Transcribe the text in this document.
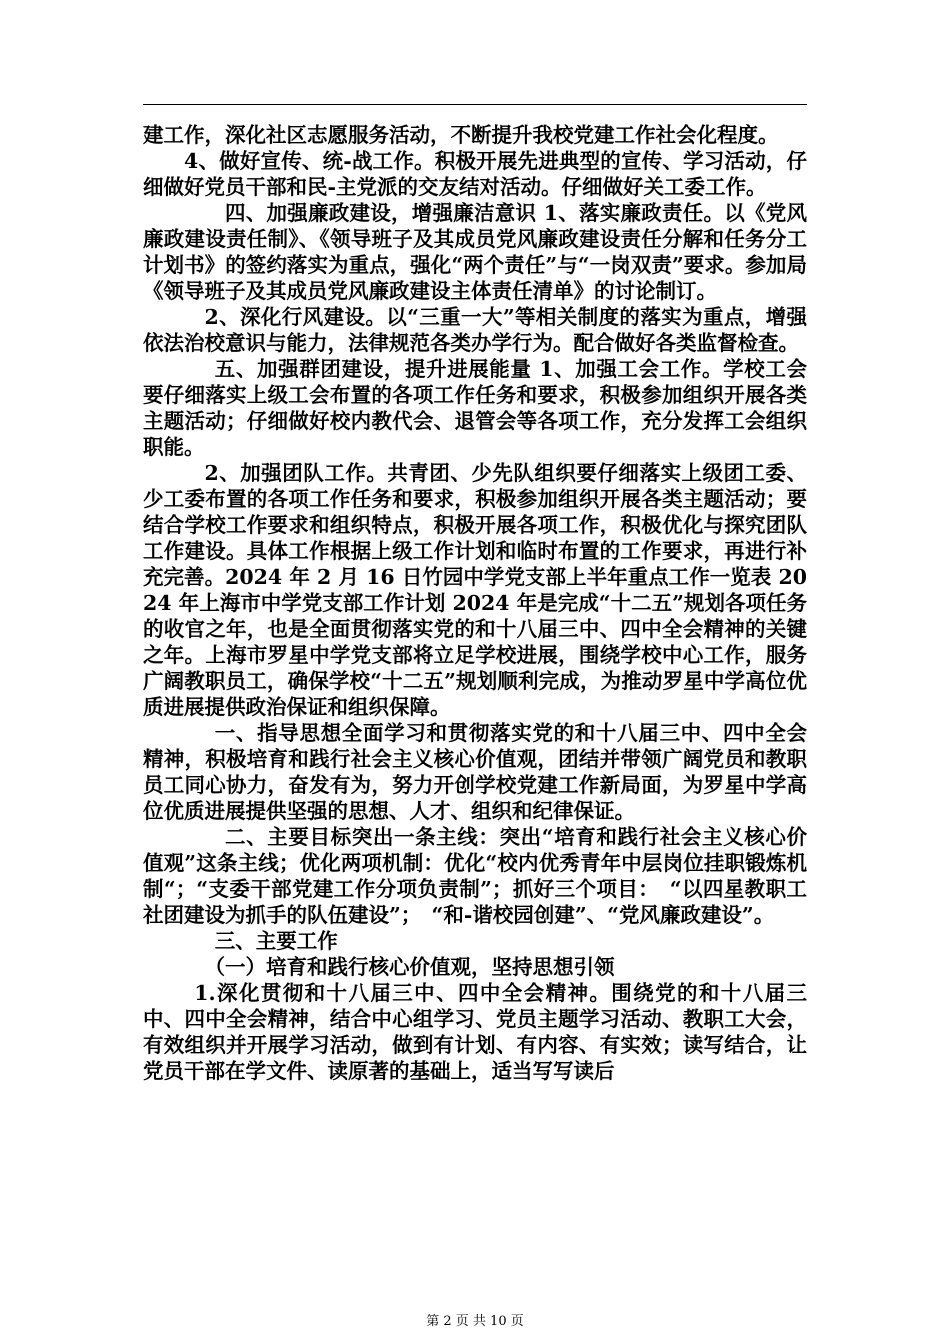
建工作，深化社区志愿服务活动，不断提升我校党建工作社会化程度。

4、做好宣传、统-战工作。积极开展先进典型的宣传、学习活动，仔细做好党员干部和民-主党派的交友结对活动。仔细做好关工委工作。

四、加强廉政建设，增强廉洁意识 1、落实廉政责任。以《党风廉政建设责任制》、《领导班子及其成员党风廉政建设责任分解和任务分工计划书》的签约落实为重点，强化“两个责任”与“一岗双责”要求。参加局《领导班子及其成员党风廉政建设主体责任清单》的讨论制订。

2、深化行风建设。以“三重一大”等相关制度的落实为重点，增强依法治校意识与能力，法律规范各类办学行为。配合做好各类监督检查。

五、加强群团建设，提升进展能量 1、加强工会工作。学校工会要仔细落实上级工会布置的各项工作任务和要求，积极参加组织开展各类主题活动；仔细做好校内教代会、退管会等各项工作，充分发挥工会组织职能。

2、加强团队工作。共青团、少先队组织要仔细落实上级团工委、少工委布置的各项工作任务和要求，积极参加组织开展各类主题活动；要结合学校工作要求和组织特点，积极开展各项工作，积极优化与探究团队工作建设。具体工作根据上级工作计划和临时布置的工作要求，再进行补充完善。2024 年 2 月 16 日竹园中学党支部上半年重点工作一览表 2024 年上海市中学党支部工作计划 2024 年是完成“十二五”规划各项任务的收官之年，也是全面贯彻落实党的和十八届三中、四中全会精神的关键之年。上海市罗星中学党支部将立足学校进展，围绕学校中心工作，服务广阔教职员工，确保学校“十二五”规划顺利完成，为推动罗星中学高位优质进展提供政治保证和组织保障。

一、指导思想全面学习和贯彻落实党的和十八届三中、四中全会精神，积极培育和践行社会主义核心价值观，团结并带领广阔党员和教职员工同心协力，奋发有为，努力开创学校党建工作新局面，为罗星中学高位优质进展提供坚强的思想、人才、组织和纪律保证。

二、主要目标突出一条主线：突出“培育和践行社会主义核心价值观”这条主线；优化两项机制：优化“校内优秀青年中层岗位挂职锻炼机制“；“支委干部党建工作分项负责制”；抓好三个项目：　“以四星教职工社团建设为抓手的队伍建设”；　“和-谐校园创建”、“党风廉政建设”。

三、主要工作

（一）培育和践行核心价值观，坚持思想引领

1.深化贯彻和十八届三中、四中全会精神。围绕党的和十八届三中、四中全会精神，结合中心组学习、党员主题学习活动、教职工大会，有效组织并开展学习活动，做到有计划、有内容、有实效；读写结合，让党员干部在学文件、读原著的基础上，适当写写读后

第 2 页 共 10 页
